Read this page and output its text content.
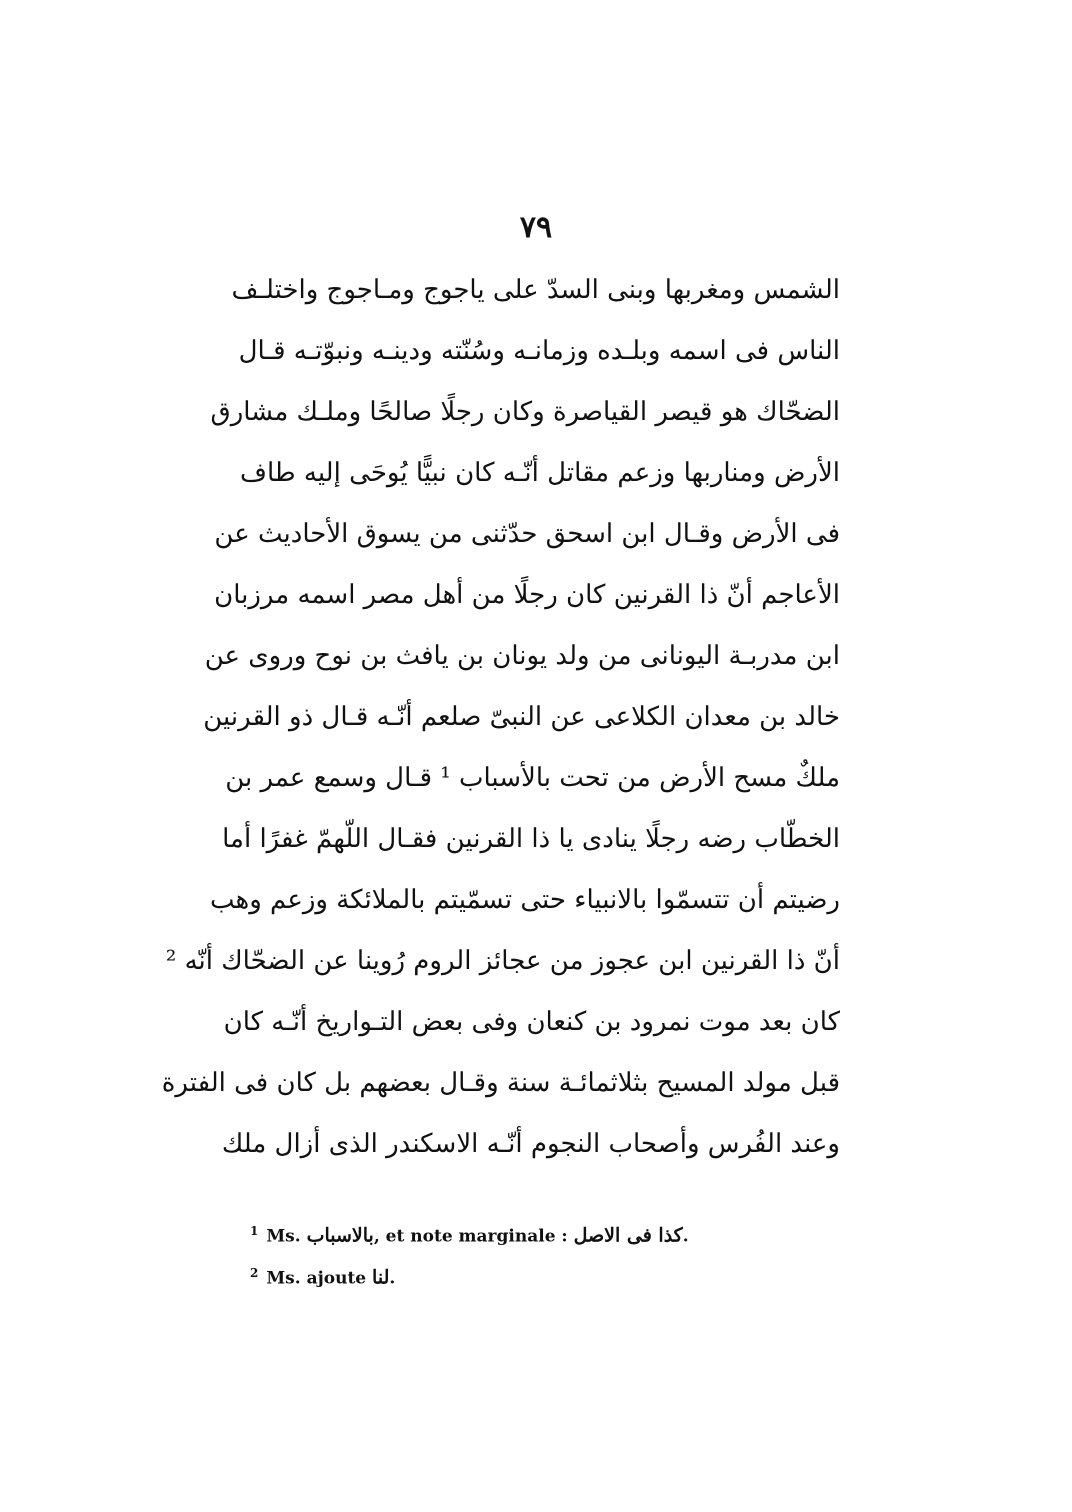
٧٩
الشمس ومغربها وبنى السدّ على ياجوج ومـاجوج واختلـف
الناس فى اسمه وبلـده وزمانـه وسُنّته ودينـه ونبوّتـه قـال
الضحّاك هو قيصر القياصرة وكان رجلًا صالحًا وملـك مشارق
الأرض ومناربها وزعم مقاتل أنّـه كان نبيًّا يُوحَى إليه طاف
فى الأرض وقـال ابن اسحق حدّثنى من يسوق الأحاديث عن
الأعاجم أنّ ذا القرنين كان رجلًا من أهل مصر اسمه مرزبان
ابن مدربـة اليونانى من ولد يونان بن يافث بن نوح وروى عن
خالد بن معدان الكلاعى عن النبىّ صلعم أنّـه قـال ذو القرنين
ملكٌ مسح الأرض من تحت بالأسباب ¹ قـال وسمع عمر بن
الخطّاب رضه رجلًا ينادى يا ذا القرنين فقـال اللّهمّ غفرًا أما
رضيتم أن تتسمّوا بالانبياء حتى تسمّيتم بالملائكة وزعم وهب
أنّ ذا القرنين ابن عجوز من عجائز الروم رُوينا عن الضحّاك أنّه ²
كان بعد موت نمرود بن كنعان وفى بعض التـواريخ أنّـه كان
قبل مولد المسيح بثلاثمائـة سنة وقـال بعضهم بل كان فى الفترة
وعند الفُرس وأصحاب النجوم أنّـه الاسكندر الذى أزال ملك
$^1$ Ms. بالاسباب, et note marginale : كذا فى الاصل.
$^2$ Ms. ajoute لنا.
